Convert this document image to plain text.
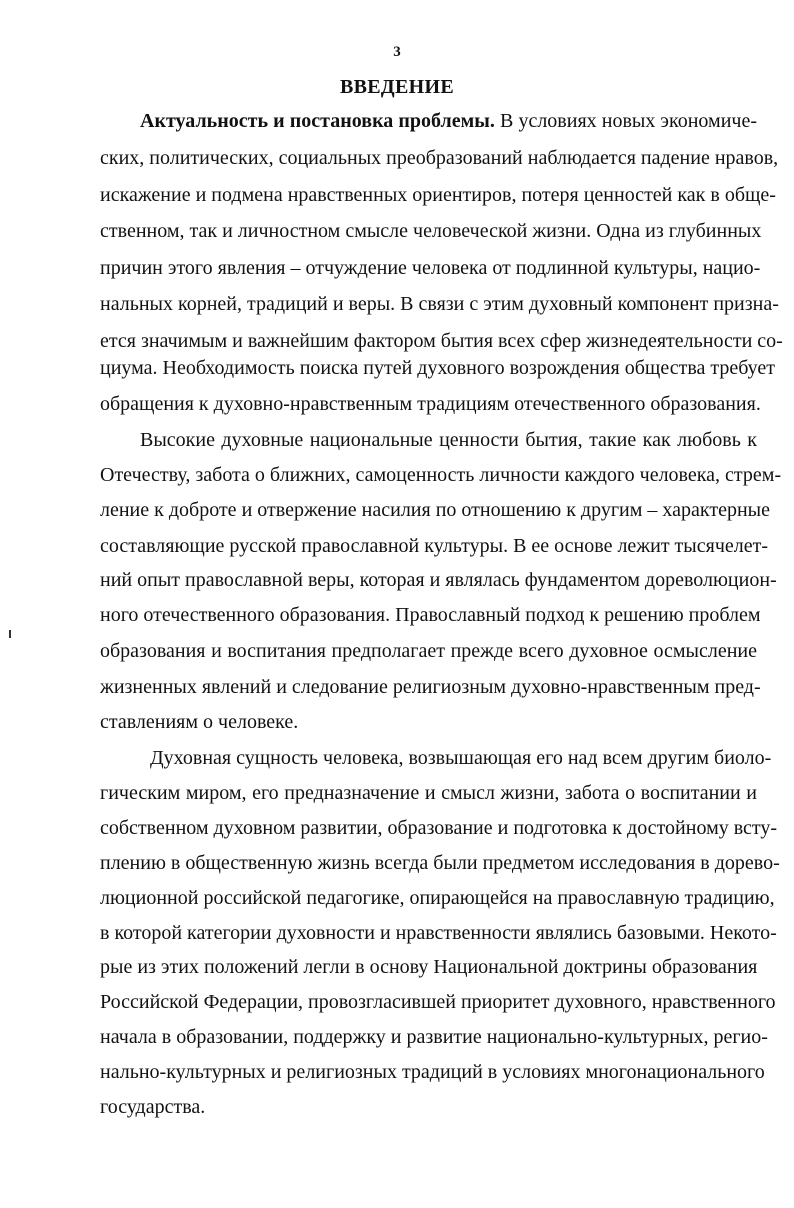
3
ВВЕДЕНИЕ
Актуальность и постановка проблемы. В условиях новых экономиче-
ских, политических, социальных преобразований наблюдается падение нравов,
искажение и подмена нравственных ориентиров, потеря ценностей как в обще-
ственном, так и личностном смысле человеческой жизни. Одна из глубинных
причин этого явления – отчуждение человека от подлинной культуры, нацио-
нальных корней, традиций и веры. В связи с этим духовный компонент призна-
ется значимым и важнейшим фактором бытия всех сфер жизнедеятельности со-
циума. Необходимость поиска путей духовного возрождения общества требует
обращения к духовно-нравственным традициям отечественного образования.
Высокие духовные национальные ценности бытия, такие как любовь к
Отечеству, забота о ближних, самоценность личности каждого человека, стрем-
ление к доброте и отвержение насилия по отношению к другим – характерные
составляющие русской православной культуры. В ее основе лежит тысячелет-
ний опыт православной веры, которая и являлась фундаментом дореволюцион-
ного отечественного образования. Православный подход к решению проблем
образования и воспитания предполагает прежде всего духовное осмысление
жизненных явлений и следование религиозным духовно-нравственным пред-
ставлениям о человеке.
Духовная сущность человека, возвышающая его над всем другим биоло-
гическим миром, его предназначение и смысл жизни, забота о воспитании и
собственном духовном развитии, образование и подготовка к достойному всту-
плению в общественную жизнь всегда были предметом исследования в дорево-
люционной российской педагогике, опирающейся на православную традицию,
в которой категории духовности и нравственности являлись базовыми. Некото-
рые из этих положений легли в основу Национальной доктрины образования
Российской Федерации, провозгласившей приоритет духовного, нравственного
начала в образовании, поддержку и развитие национально-культурных, регио-
нально-культурных и религиозных традиций в условиях многонационального
государства.
